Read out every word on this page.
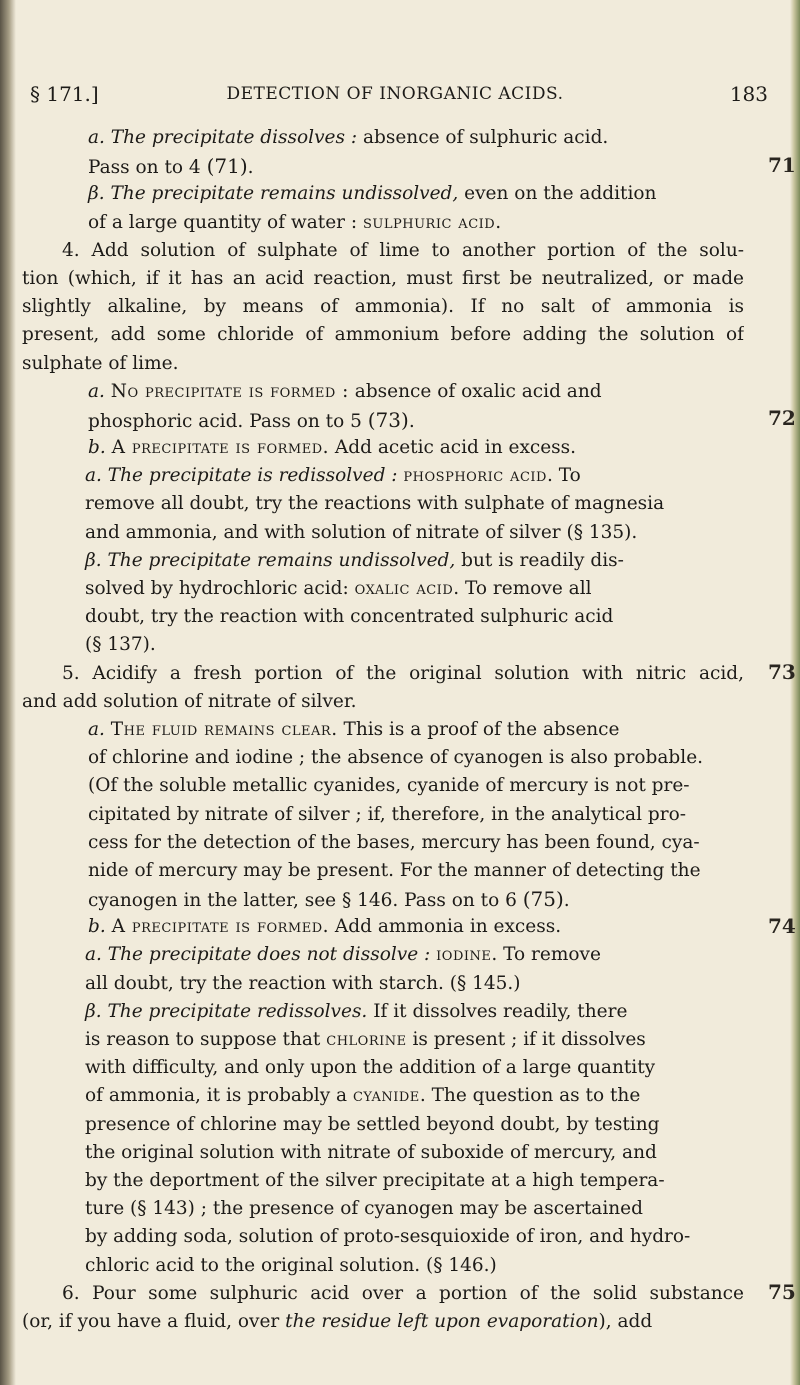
§ 171.]	DETECTION OF INORGANIC ACIDS.	183
a. The precipitate dissolves : absence of sulphuric acid.
Pass on to 4 (71).
β. The precipitate remains undissolved, even on the addition
of a large quantity of water : sulphuric acid.
4. Add solution of sulphate of lime to another portion of the solu-
tion (which, if it has an acid reaction, must first be neutralized, or made
slightly alkaline, by means of ammonia). If no salt of ammonia is
present, add some chloride of ammonium before adding the solution of
sulphate of lime.
a. No precipitate is formed : absence of oxalic acid and
phosphoric acid. Pass on to 5 (73).
b. A precipitate is formed. Add acetic acid in excess.
a. The precipitate is redissolved : phosphoric acid. To
remove all doubt, try the reactions with sulphate of magnesia
and ammonia, and with solution of nitrate of silver (§ 135).
β. The precipitate remains undissolved, but is readily dis-
solved by hydrochloric acid: oxalic acid. To remove all
doubt, try the reaction with concentrated sulphuric acid
(§ 137).
5. Acidify a fresh portion of the original solution with nitric acid,
and add solution of nitrate of silver.
a. The fluid remains clear. This is a proof of the absence
of chlorine and iodine ; the absence of cyanogen is also probable.
(Of the soluble metallic cyanides, cyanide of mercury is not pre-
cipitated by nitrate of silver ; if, therefore, in the analytical pro-
cess for the detection of the bases, mercury has been found, cya-
nide of mercury may be present. For the manner of detecting the
cyanogen in the latter, see § 146. Pass on to 6 (75).
b. A precipitate is formed. Add ammonia in excess.
a. The precipitate does not dissolve : iodine. To remove
all doubt, try the reaction with starch. (§ 145.)
β. The precipitate redissolves. If it dissolves readily, there
is reason to suppose that chlorine is present ; if it dissolves
with difficulty, and only upon the addition of a large quantity
of ammonia, it is probably a cyanide. The question as to the
presence of chlorine may be settled beyond doubt, by testing
the original solution with nitrate of suboxide of mercury, and
by the deportment of the silver precipitate at a high tempera-
ture (§ 143) ; the presence of cyanogen may be ascertained
by adding soda, solution of proto-sesquioxide of iron, and hydro-
chloric acid to the original solution. (§ 146.)
6. Pour some sulphuric acid over a portion of the solid substance
(or, if you have a fluid, over the residue left upon evaporation), add
71
72
73
74
75
